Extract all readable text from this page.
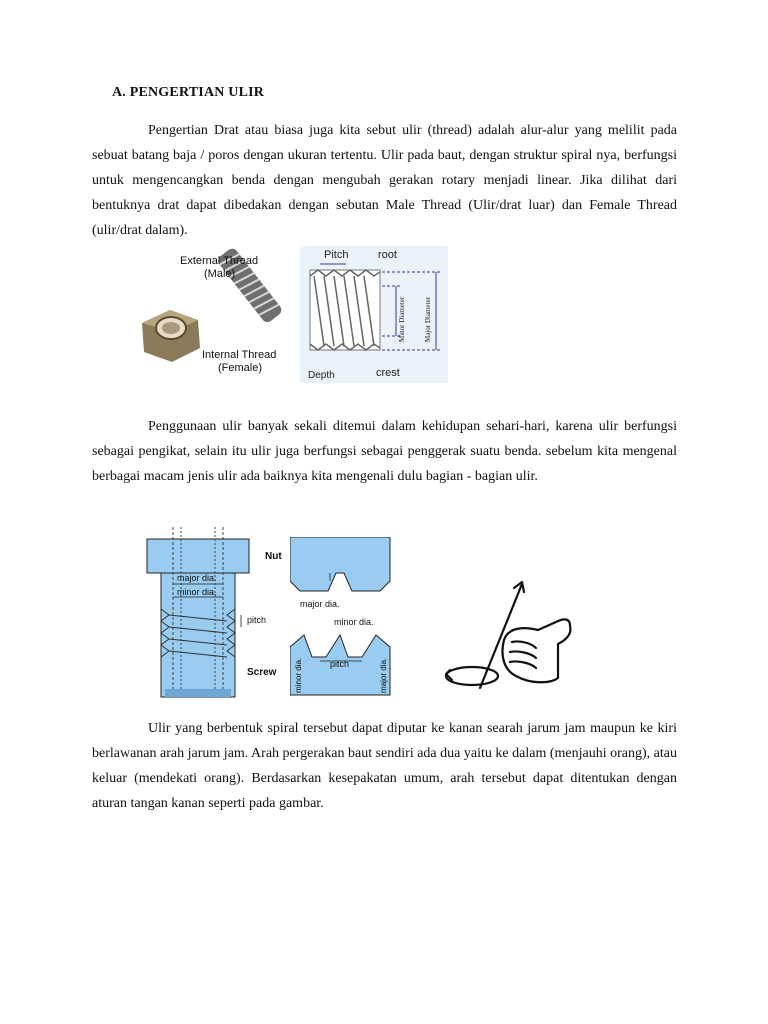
A. PENGERTIAN ULIR

Pengertian Drat atau biasa juga kita sebut ulir (thread) adalah alur-alur yang melilit pada sebuat batang baja / poros dengan ukuran tertentu. Ulir pada baut, dengan struktur spiral nya, berfungsi untuk mengencangkan benda dengan mengubah gerakan rotary menjadi linear. Jika dilihat dari bentuknya drat dapat dibedakan dengan sebutan Male Thread (Ulir/drat luar) dan Female Thread (ulir/drat dalam).

External Thread
(Male)
Internal Thread
(Female)
Pitch	root
Depth	crest
Minor Diameter	Major Diameter

Penggunaan ulir banyak sekali ditemui dalam kehidupan sehari-hari, karena ulir berfungsi sebagai pengikat, selain itu ulir juga berfungsi sebagai penggerak suatu benda. sebelum kita mengenal berbagai macam jenis ulir ada baiknya kita mengenali dulu bagian - bagian ulir.

Nut
Screw
major dia.
minor dia.
pitch
major dia.
minor dia.
pitch
minor dia.	major dia.

Ulir yang berbentuk spiral tersebut dapat diputar ke kanan searah jarum jam maupun ke kiri berlawanan arah jarum jam. Arah pergerakan baut sendiri ada dua yaitu ke dalam (menjauhi orang), atau keluar (mendekati orang). Berdasarkan kesepakatan umum, arah tersebut dapat ditentukan dengan aturan tangan kanan seperti pada gambar.
